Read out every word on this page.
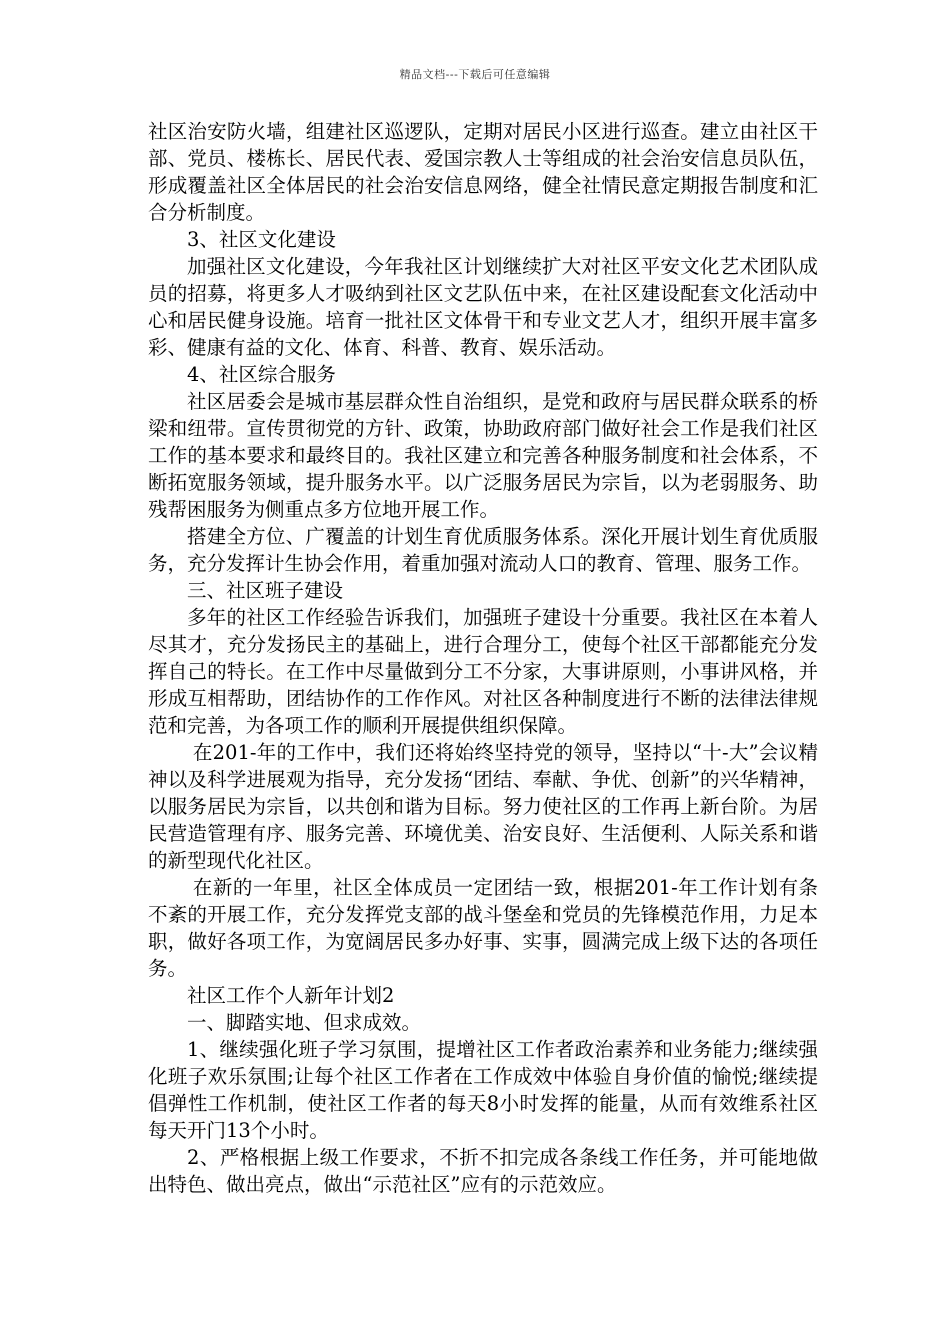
精品文档---下载后可任意编辑

社区治安防火墙，组建社区巡逻队，定期对居民小区进行巡查。建立由社区干部、党员、楼栋长、居民代表、爱国宗教人士等组成的社会治安信息员队伍，形成覆盖社区全体居民的社会治安信息网络，健全社情民意定期报告制度和汇合分析制度。

3、社区文化建设

加强社区文化建设，今年我社区计划继续扩大对社区平安文化艺术团队成员的招募，将更多人才吸纳到社区文艺队伍中来，在社区建设配套文化活动中心和居民健身设施。培育一批社区文体骨干和专业文艺人才，组织开展丰富多彩、健康有益的文化、体育、科普、教育、娱乐活动。

4、社区综合服务

社区居委会是城市基层群众性自治组织，是党和政府与居民群众联系的桥梁和纽带。宣传贯彻党的方针、政策，协助政府部门做好社会工作是我们社区工作的基本要求和最终目的。我社区建立和完善各种服务制度和社会体系，不断拓宽服务领域，提升服务水平。以广泛服务居民为宗旨，以为老弱服务、助残帮困服务为侧重点多方位地开展工作。

搭建全方位、广覆盖的计划生育优质服务体系。深化开展计划生育优质服务，充分发挥计生协会作用，着重加强对流动人口的教育、管理、服务工作。

三、社区班子建设

多年的社区工作经验告诉我们，加强班子建设十分重要。我社区在本着人尽其才，充分发扬民主的基础上，进行合理分工，使每个社区干部都能充分发挥自己的特长。在工作中尽量做到分工不分家，大事讲原则，小事讲风格，并形成互相帮助，团结协作的工作作风。对社区各种制度进行不断的法律法律规范和完善，为各项工作的顺利开展提供组织保障。

在201-年的工作中，我们还将始终坚持党的领导，坚持以“十-大”会议精神以及科学进展观为指导，充分发扬“团结、奉献、争优、创新”的兴华精神，以服务居民为宗旨，以共创和谐为目标。努力使社区的工作再上新台阶。为居民营造管理有序、服务完善、环境优美、治安良好、生活便利、人际关系和谐的新型现代化社区。

在新的一年里，社区全体成员一定团结一致，根据201-年工作计划有条不紊的开展工作，充分发挥党支部的战斗堡垒和党员的先锋模范作用，力足本职，做好各项工作，为宽阔居民多办好事、实事，圆满完成上级下达的各项任务。

社区工作个人新年计划2

一、脚踏实地、但求成效。

1、继续强化班子学习氛围，提增社区工作者政治素养和业务能力;继续强化班子欢乐氛围;让每个社区工作者在工作成效中体验自身价值的愉悦;继续提倡弹性工作机制，使社区工作者的每天8小时发挥的能量，从而有效维系社区每天开门13个小时。

2、严格根据上级工作要求，不折不扣完成各条线工作任务，并可能地做出特色、做出亮点，做出“示范社区”应有的示范效应。
